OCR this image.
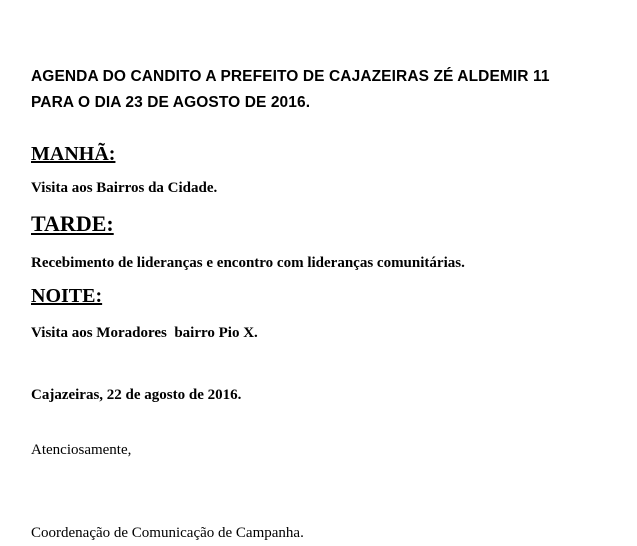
AGENDA DO CANDITO A PREFEITO DE CAJAZEIRAS ZÉ ALDEMIR 11
PARA O DIA 23 DE AGOSTO DE 2016.
MANHÃ:
Visita aos Bairros da Cidade.
TARDE:
Recebimento de lideranças e encontro com lideranças comunitárias.
NOITE:
Visita aos Moradores  bairro Pio X.
Cajazeiras, 22 de agosto de 2016.
Atenciosamente,
Coordenação de Comunicação de Campanha.
